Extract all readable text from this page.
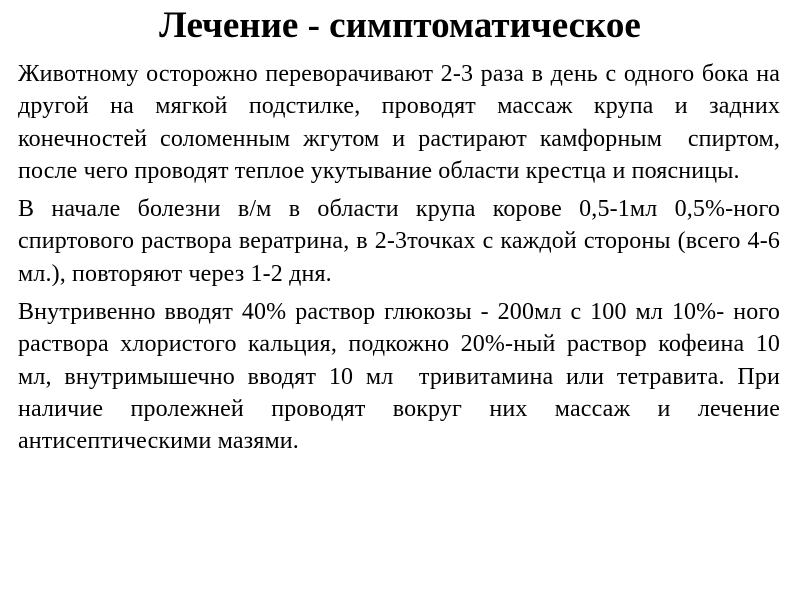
Лечение - симптоматическое

Животному осторожно переворачивают 2-3 раза в день с одного бока на другой на мягкой подстилке, проводят массаж крупа и задних конечностей соломенным жгутом и растирают камфорным  спиртом, после чего проводят теплое укутывание области крестца и поясницы.

В начале болезни в/м в области крупа корове 0,5-1мл 0,5%-ного спиртового раствора вератрина, в 2-3точках с каждой стороны (всего 4-6 мл.), повторяют через 1-2 дня.

Внутривенно вводят 40% раствор глюкозы - 200мл с 100 мл 10%- ного раствора хлористого кальция, подкожно 20%-ный раствор кофеина 10 мл, внутримышечно вводят 10 мл  тривитамина или тетравита. При наличие пролежней проводят вокруг них массаж и лечение антисептическими мазями.
